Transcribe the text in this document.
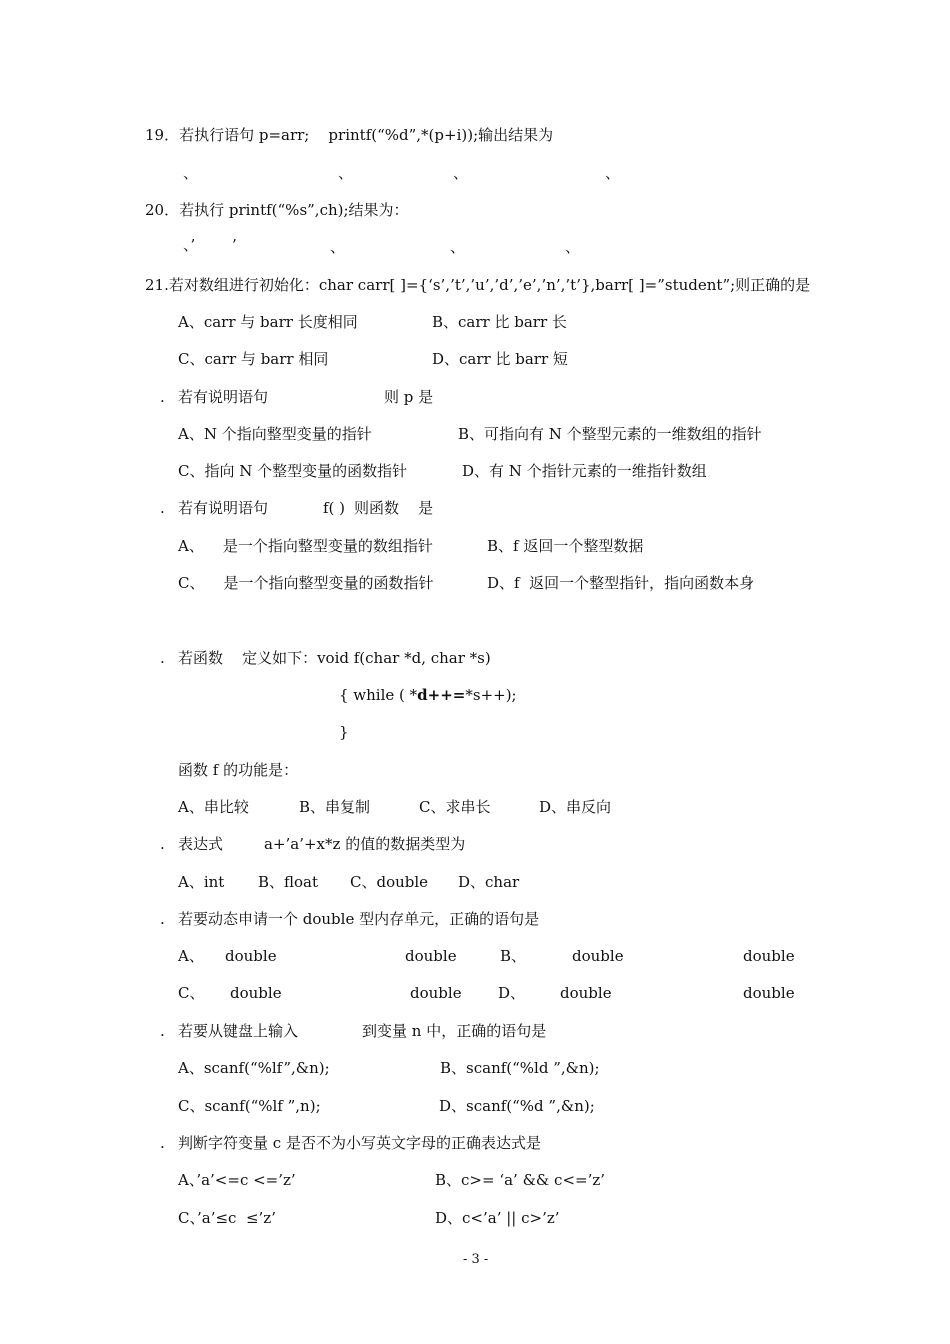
19．若执行语句 p=arr;    printf(“%d”,*(p+i));输出结果为
、	、	、	、
20．若执行 printf(“%s”,ch);结果为：
、’ ’	、	、	、
21.若对数组进行初始化：char carr[ ]={‘s’,’t’,’u’,’d’,’e’,’n’,’t’},barr[ ]=”student”;则正确的是
A、carr 与 barr 长度相同	B、carr 比 barr 长
C、carr 与 barr 相同	D、carr 比 barr 短
. 若有说明语句	则 p 是
A、N 个指向整型变量的指针	B、可指向有 N 个整型元素的一维数组的指针
C、指向 N 个整型变量的函数指针	D、有 N 个指针元素的一维指针数组
. 若有说明语句	f( ) 则函数    是
A、    是一个指向整型变量的数组指针	B、f 返回一个整型数据
C、    是一个指向整型变量的函数指针	D、f  返回一个整型指针，指向函数本身
. 若函数    定义如下：void f(char *d, char *s)
{ while ( *d++=*s++);
}
函数 f 的功能是：
A、串比较	B、串复制	C、求串长	D、串反向
. 表达式	a+’a’+x*z 的值的数据类型为
A、int B、float C、double D、char
. 若要动态申请一个 double 型内存单元，正确的语句是
A、 double	double	B、	double	double
C、 double	double D、 double	double
. 若要从键盘上输入	到变量 n 中，正确的语句是
A、scanf(“%lf”,&n);	B、scanf(“%ld ”,&n);
C、scanf(“%lf ”,n);	D、scanf(“%d ”,&n);
. 判断字符变量 c 是否不为小写英文字母的正确表达式是
A、’a’<=c <=’z’	B、c>= ‘a’ && c<=’z’
C、’a’≤c  ≤’z’	D、c<’a’ || c>’z’
- 3 -
